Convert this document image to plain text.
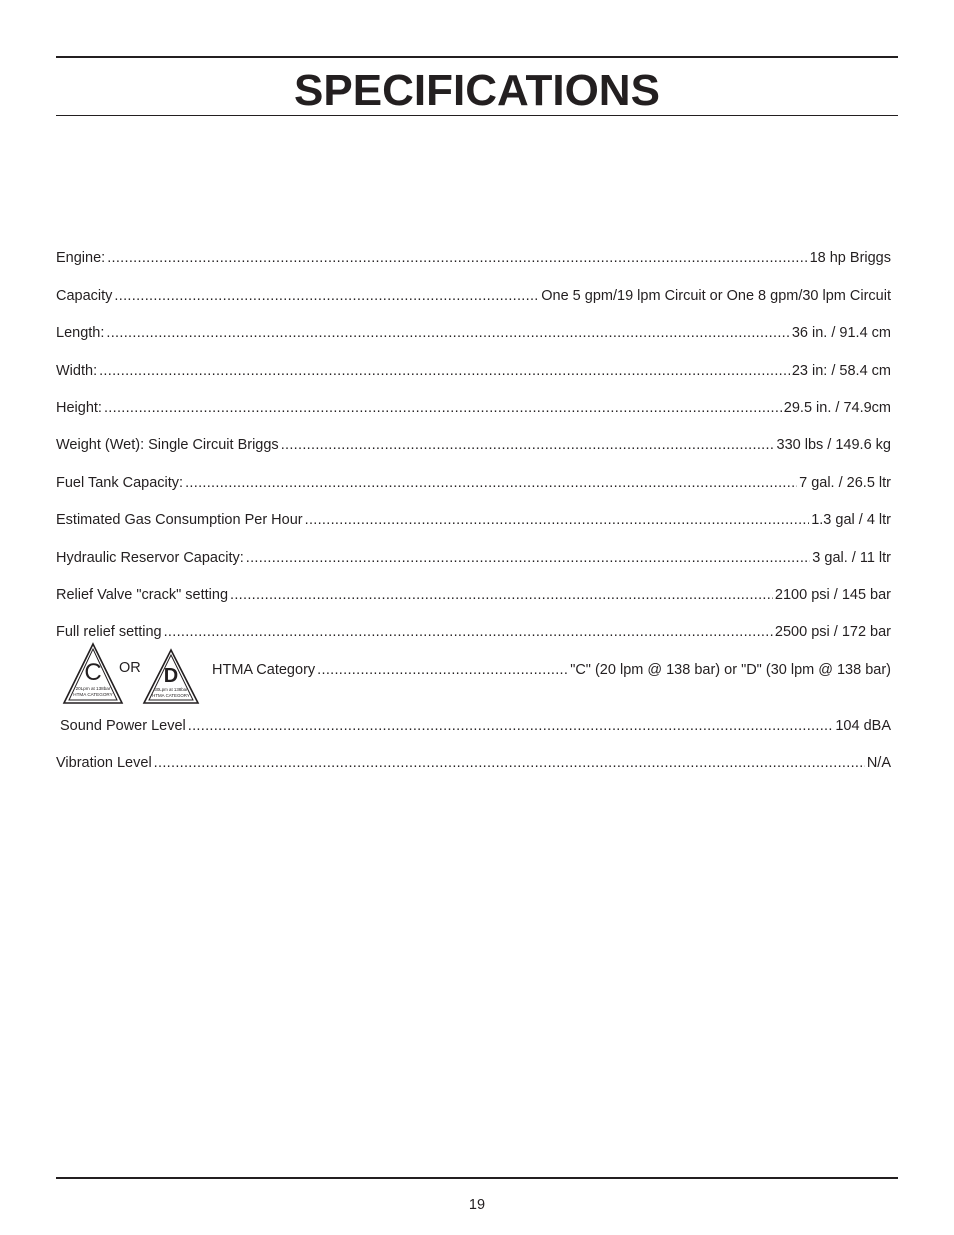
SPECIFICATIONS
Engine: .....	18 hp Briggs
Capacity .....	One 5 gpm/19 lpm Circuit or One 8 gpm/30 lpm Circuit
Length: .....	36 in. / 91.4 cm
Width: .....	23 in: / 58.4 cm
Height: .....	29.5 in. / 74.9cm
Weight (Wet): Single Circuit Briggs .....	330 lbs / 149.6 kg
Fuel Tank Capacity: .....	7 gal. / 26.5 ltr
Estimated Gas Consumption Per Hour .....	1.3 gal / 4 ltr
Hydraulic Reservor Capacity: .....	3 gal. / 11 ltr
Relief Valve "crack" setting .....	2100 psi / 145 bar
Full relief setting .....	2500 psi / 172 bar
C
20Lpm at 138bar
HTMA CATEGORY
OR D
30Lpm at 138bar
HTMA CATEGORY
HTMA Category .....	"C" (20 lpm @ 138 bar) or "D" (30 lpm @ 138 bar)
Sound Power Level .....	104 dBA
Vibration Level .....	N/A
19
